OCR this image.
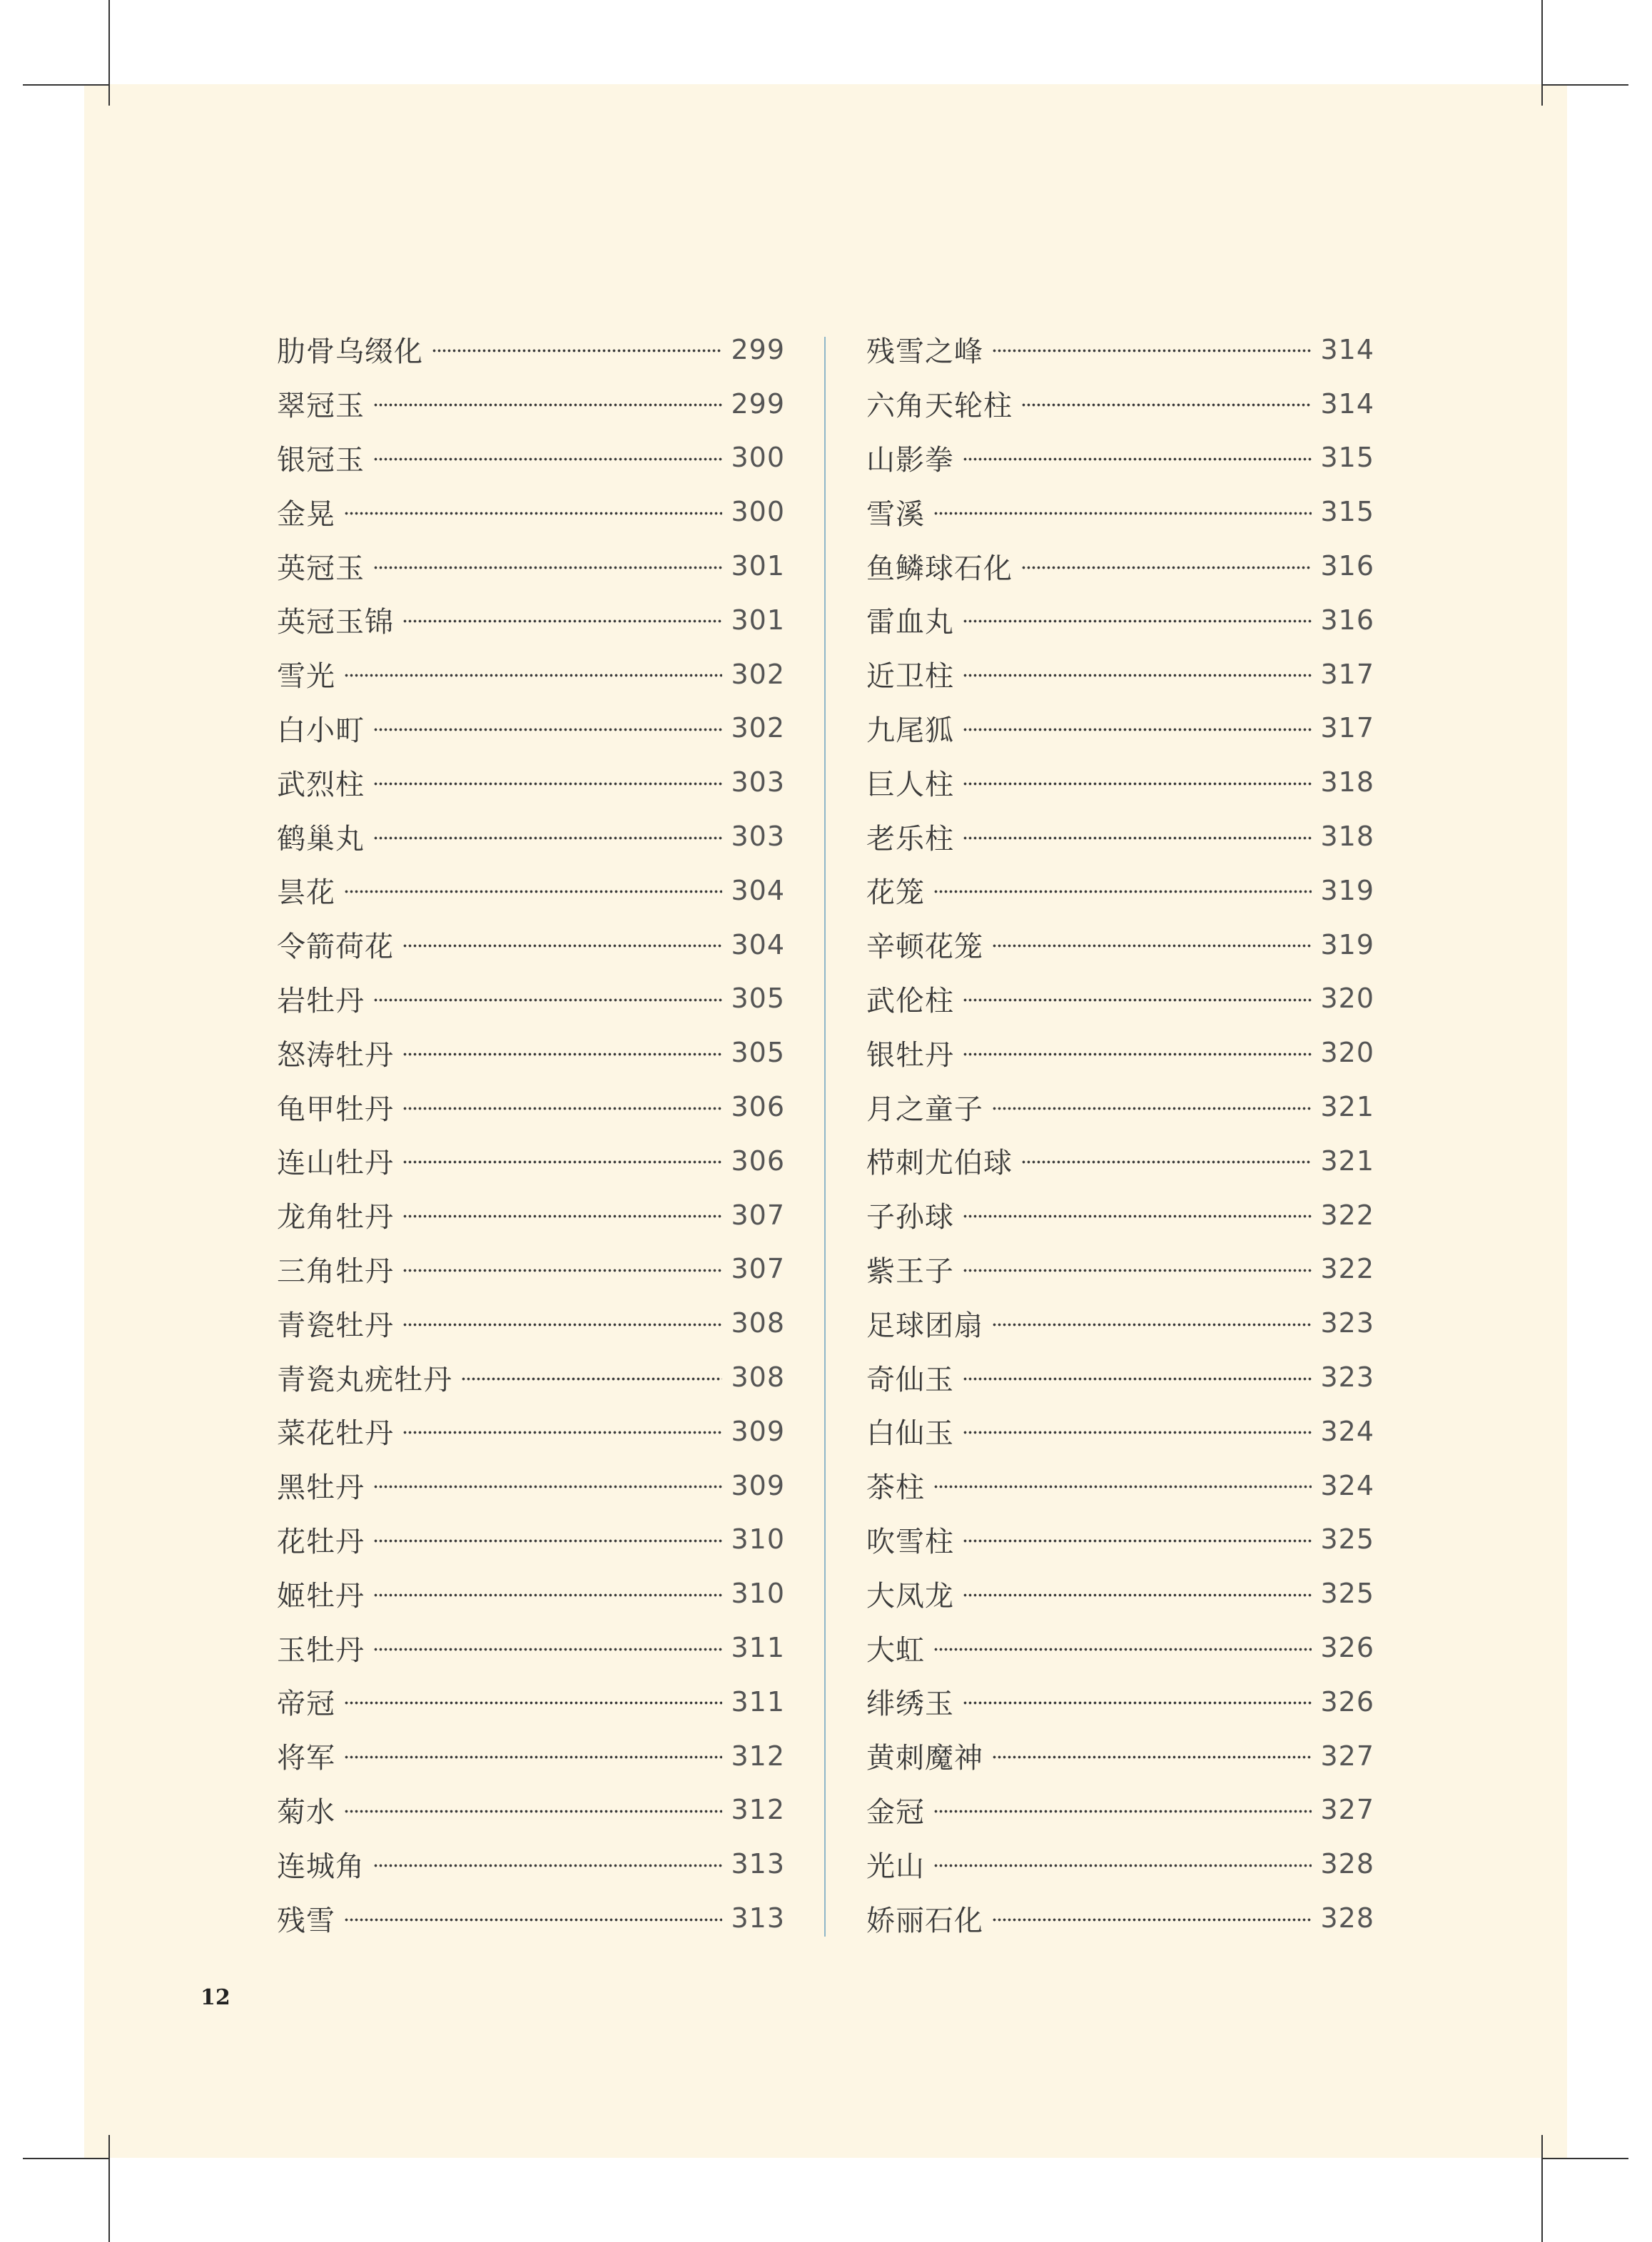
肋骨乌缀化	299
翠冠玉	299
银冠玉	300
金晃	300
英冠玉	301
英冠玉锦	301
雪光	302
白小町	302
武烈柱	303
鹤巢丸	303
昙花	304
令箭荷花	304
岩牡丹	305
怒涛牡丹	305
龟甲牡丹	306
连山牡丹	306
龙角牡丹	307
三角牡丹	307
青瓷牡丹	308
青瓷丸疣牡丹	308
菜花牡丹	309
黑牡丹	309
花牡丹	310
姬牡丹	310
玉牡丹	311
帝冠	311
将军	312
菊水	312
连城角	313
残雪	313
残雪之峰	314
六角天轮柱	314
山影拳	315
雪溪	315
鱼鳞球石化	316
雷血丸	316
近卫柱	317
九尾狐	317
巨人柱	318
老乐柱	318
花笼	319
辛顿花笼	319
武伦柱	320
银牡丹	320
月之童子	321
栉刺尤伯球	321
子孙球	322
紫王子	322
足球团扇	323
奇仙玉	323
白仙玉	324
茶柱	324
吹雪柱	325
大凤龙	325
大虹	326
绯绣玉	326
黄刺魔神	327
金冠	327
光山	328
娇丽石化	328
12
